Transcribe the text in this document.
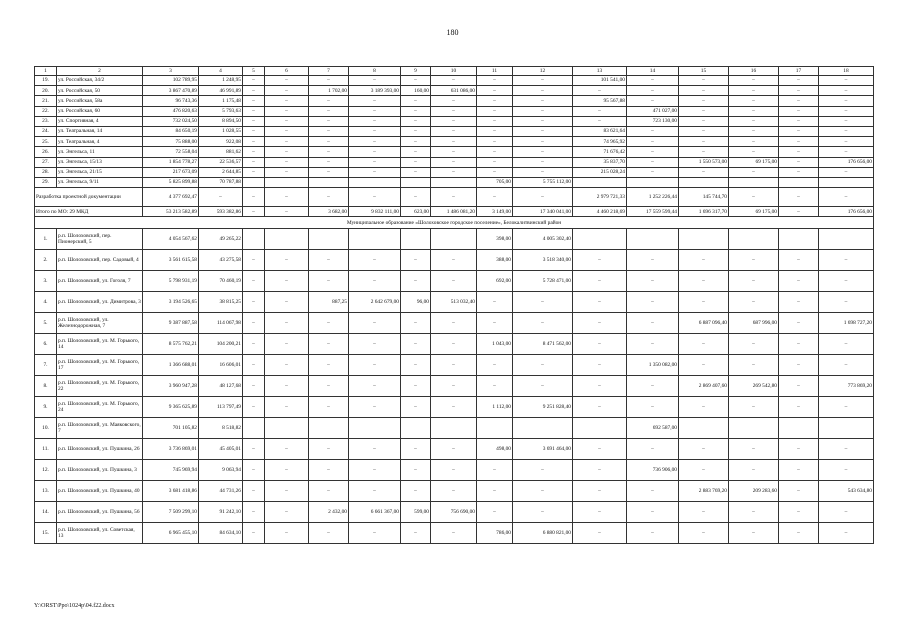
180
1	2	3	4	5	6	7	8	9	10	11	12	13	14	15	16	17	18
19.	ул. Российская, 34/2	102 789,95	1 248,95	–	–	–	–	–	–	–	–	101 541,00	–	–	–	–	–
20.	ул. Российская, 50	3 867 470,89	46 991,89	–	–	1 702,00	3 189 393,00	160,00	631 086,00	–	–	–	–	–	–	–	–
21.	ул. Российская, 58а	96 743,36	1 175,48	–	–	–	–	–	–	–	–	95 567,88	–	–	–	–	–
22.	ул. Российская, 60	476 820,63	5 793,63	–	–	–	–	–	–	–	–	–	471 027,00	–	–	–	–
23.	ул. Спортивная, 4	732 024,50	8 894,50	–	–	–	–	–	–	–	–	–	723 130,00	–	–	–	–
24.	ул. Театральная, 14	84 650,19	1 028,55	–	–	–	–	–	–	–	–	83 621,64	–	–	–	–	–
25.	ул. Театральная, 4	75 888,00	922,08	–	–	–	–	–	–	–	–	74 965,92	–	–	–	–	–
26.	ул. Энгельса, 11	72 558,04	881,62	–	–	–	–	–	–	–	–	71 676,42	–	–	–	–	–
27.	ул. Энгельса, 15/13	1 854 778,27	22 536,57	–	–	–	–	–	–	–	–	35 837,70	–	1 550 573,00	69 175,00	–	176 656,00
28.	ул. Энгельса, 21/15	217 673,09	2 644,85	–	–	–	–	–	–	–	–	215 028,24	–	–	–	–	–
29.	ул. Энгельса, 9/11	5 825 899,88	70 787,88							705,00	5 755 112,00						
Разработка проектной документации		4 377 692,47	–	–	–	–	–	–	–	–	–	2 979 721,33	1 252 226,44	145 744,70	–	–	–
Итого по МО: 29 МКД		53 213 582,89	593 382,86	–	–	3 682,00	9 832 111,00	623,00	1 486 081,20	3 149,00	17 340 041,00	4 460 218,69	17 559 599,44	1 696 317,70	69 175,00	–	176 656,00
Муниципальное образование «Шолоховское городское поселение», Белокалитвинский район																	
1.	р.п. Шолоховский, пер. Пионерский, 5	4 054 567,62	49 265,22							398,00	4 005 302,40						
2.	р.п. Шолоховский, пер. Садовый, 4	3 561 615,58	43 275,58	–	–	–	–	–	–	388,00	3 518 340,00	–	–	–	–	–	–
3.	р.п. Шолоховский, ул. Гоголя, 7	5 798 931,19	70 460,19	–	–	–	–	–	–	692,00	5 728 471,00	–	–	–	–	–	–
4.	р.п. Шолоховский, ул. Димитрова, 3	3 194 526,65	38 815,25	–	–	887,25	2 642 679,00	96,00	513 032,40	–	–	–	–	–	–	–	–
5.	р.п. Шолоховский, ул. Железнодорожная, 7	9 387 887,58	114 067,98	–	–	–	–	–	–	–	–	–	–	6 887 096,40	687 996,00	–	1 698 727,20
6.	р.п. Шолоховский, ул. М. Горького, 14	8 575 762,21	104 200,21	–	–	–	–	–	–	1 043,00	8 471 562,00	–	–	–	–	–	–
7.	р.п. Шолоховский, ул. М. Горького, 17	1 366 688,01	16 606,01	–	–	–	–	–	–	–	–	–	1 350 082,00	–	–	–	–
8.	р.п. Шолоховский, ул. М. Горького, 22	3 960 947,28	48 127,68	–	–	–	–	–	–	–	–	–	–	2 869 407,60	269 542,80	–	773 869,20
9.	р.п. Шолоховский, ул. М. Горького, 24	9 365 625,89	113 797,49	–	–	–	–	–	–	1 112,00	9 251 828,40	–	–	–	–	–	–
10.	р.п. Шолоховский, ул. Маяковского, 7	701 105,82	8 518,82										692 587,00				
11.	р.п. Шолоховский, ул. Пушкина, 26	3 736 869,01	45 405,01	–	–	–	–	–	–	498,00	3 691 464,00	–	–	–	–	–	–
12.	р.п. Шолоховский, ул. Пушкина, 3	745 969,94	9 063,94	–	–	–	–	–	–	–	–	–	736 906,00	–	–	–	–
13.	р.п. Шолоховский, ул. Пушкина, 40	3 681 418,86	44 731,26	–	–	–	–	–	–	–	–	–	–	2 883 769,20	209 283,60	–	543 634,80
14.	р.п. Шолоховский, ул. Пушкина, 56	7 509 299,10	91 242,10	–	–	2 432,00	6 661 367,00	599,00	756 690,00	–	–	–	–	–	–	–	–
15.	р.п. Шолоховский, ул. Советская, 13	6 965 455,10	84 634,10	–	–	–	–	–	–	786,00	6 880 821,00	–	–	–	–	–	–
Y:\ORST\Ppo\1024p\04.f22.docx
